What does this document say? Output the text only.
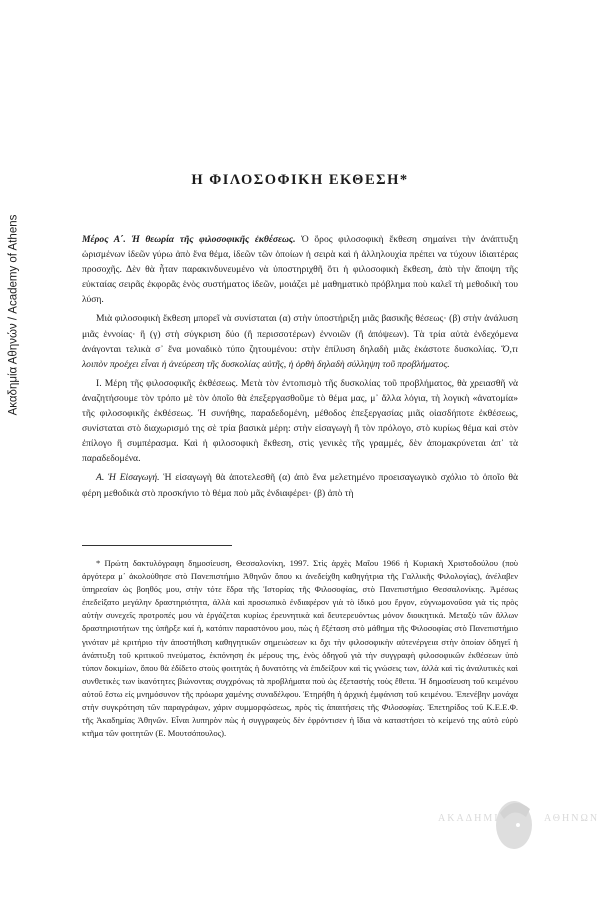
Ακαδημία Αθηνών / Academy of Athens
Η ΦΙΛΟΣΟΦΙΚΗ ΕΚΘΕΣΗ*

Μέρος Α΄. Ἡ θεωρία τῆς φιλοσοφικῆς ἐκθέσεως. Ὁ ὅρος φιλοσοφικὴ ἔκθεση σημαίνει τὴν ἀνάπτυξη ὡρισμένων ἰδεῶν γύρω ἀπὸ ἕνα θέμα, ἰδεῶν τῶν ὁποίων ἡ σειρὰ καὶ ἡ ἀλληλουχία πρέπει να τύχουν ἰδιαιτέρας προσοχῆς. Δὲν θὰ ἦταν παρακινδυνευμένο νὰ ὑποστηριχθῆ ὅτι ἡ φιλοσοφικὴ ἔκθεση, ἀπὸ τὴν ἄποψη τῆς εὐκταίας σειρᾶς ἐκφορᾶς ἑνὸς συστήματος ἰδεῶν, μοιάζει μὲ μαθηματικὸ πρόβλημα ποὺ καλεῖ τὴ μεθοδικὴ του λύση.

Μιὰ φιλοσοφικὴ ἔκθεση μπορεῖ νὰ συνίσταται (α) στὴν ὑποστήριξη μιᾶς βασικῆς θέσεως· (β) στὴν ἀνάλυση μιᾶς ἐννοίας· ἢ (γ) στὴ σύγκριση δύο (ἢ περισσοτέρων) ἐννοιῶν (ἢ ἀπόψεων). Τὰ τρία αὐτὰ ἐνδεχόμενα ἀνάγονται τελικὰ σ᾿ ἕνα μοναδικὸ τύπο ζητουμένου: στὴν ἐπίλυση δηλαδὴ μιᾶς ἑκάστοτε δυσκολίας. Ὅ,τι λοιπὸν προέχει εἶναι ἡ ἀνεύρεση τῆς δυσκολίας αὐτῆς, ἡ ὀρθὴ δηλαδὴ σύλληψη τοῦ προβλήματος.

I. Μέρη τῆς φιλοσοφικῆς ἐκθέσεως. Μετὰ τὸν ἐντοπισμὸ τῆς δυσκολίας τοῦ προβλήματος, θὰ χρειασθῆ νὰ ἀναζητήσουμε τὸν τρόπο μὲ τὸν ὁποῖο θὰ ἐπεξεργασθοῦμε τὸ θέμα μας, μ᾿ ἄλλα λόγια, τὴ λογικὴ «ἀνατομία» τῆς φιλοσοφικῆς ἐκθέσεως. Ἡ συνήθης, παραδεδομένη, μέθοδος ἐπεξεργασίας μιᾶς οἱασδήποτε ἐκθέσεως, συνίσταται στὸ διαχωρισμό της σὲ τρία βασικὰ μέρη: στὴν εἰσαγωγὴ ἢ τὸν πρόλογο, στὸ κυρίως θέμα καὶ στὸν ἐπίλογο ἢ συμπέρασμα. Καὶ ἡ φιλοσοφικὴ ἔκθεση, στὶς γενικὲς τῆς γραμμές, δὲν ἀπομακρύνεται ἀπ᾿ τὰ παραδεδομένα.

Α. Ἡ Εἰσαγωγή. Ἡ εἰσαγωγὴ θὰ ἀποτελεσθῆ (α) ἀπὸ ἕνα μελετημένο προεισαγωγικὸ σχόλιο τὸ ὁποῖο θὰ φέρη μεθοδικὰ στὸ προσκήνιο τὸ θέμα ποὺ μᾶς ἐνδιαφέρει· (β) ἀπὸ τὴ

* Πρώτη δακτυλόγραφη δημοσίευση, Θεσσαλονίκη, 1997. Στὶς ἀρχὲς Μαΐου 1966 ἡ Κυριακὴ Χριστοδούλου (ποὺ ἀργότερα μ᾿ ἀκολούθησε στὸ Πανεπιστήμιο Ἀθηνῶν ὅπου κι ἀνεδείχθη καθηγήτρια τῆς Γαλλικῆς Φιλολογίας), ἀνέλαβεν ὑπηρεσίαν ὡς βοηθός μου, στὴν τότε ἕδρα τῆς Ἱστορίας τῆς Φιλοσοφίας, στὸ Πανεπιστήμιο Θεσσαλονίκης. Ἀμέσως ἐπεδείξατο μεγάλην δραστηριότητα, ἀλλὰ καὶ προσωπικὸ ἐνδιαφέρον γιὰ τὸ ἰδικό μου ἔργον, εὐγνωμονοῦσα γιὰ τὶς πρὸς αὐτὴν συνεχεῖς προτροπές μου νὰ ἐργάζεται κυρίως ἐρευνητικὰ καὶ δευτερευόντως μόνον διοικητικά. Μεταξὺ τῶν ἄλλων δραστηριοτήτων της ὑπῆρξε καί ἡ, κατόπιν παραστόνου μου, πὼς ἡ ἔξέταση στὸ μάθημα τῆς Φιλοσοφίας στὸ Πανεπιστήμιο γινόταν μὲ κριτήριο τὴν ἀποστήθιση καθηγητικῶν σημειώσεων κι ὄχι τὴν φιλοσοφικὴν αὐτενέργεια στὴν ὁποίαν ὁδηγεῖ ἡ ἀνάπτυξη τοῦ κριτικοῦ πνεύματος, ἐκπόνηση ἐκ μέρους της, ἑνὸς ὁδηγοῦ γιὰ τὴν συγγραφὴ φιλοσοφικῶν ἐκθέσεων ὑπὸ τύπον δοκιμίων, ὅπου θὰ ἐδίδετο στοὺς φοιτητὰς ἡ δυνατότης νὰ ἐπιδείξουν καὶ τὶς γνώσεις των, ἀλλὰ καὶ τὶς ἀναλυτικὲς καὶ συνθετικὲς των ἱκανότητες βιώνοντας συγχρόνως τὰ προβλήματα ποὺ ὡς ἐξεταστὴς τοὺς ἔθετα. Ἡ δημοσίευση τοῦ κειμένου αὐτοῦ ἔστω εἰς μνημόσυνον τῆς πρόωρα χαμένης συναδέλφου. Ἐτηρήθη ἡ ἀρχικὴ ἐμφάνιση τοῦ κειμένου. Ἐπενέβην μονάχα στὴν συγκρότηση τῶν παραγράφων, χάριν συμμορφώσεως, πρὸς τὶς ἀπαιτήσεις τῆς Φιλοσοφίας. Ἐπετηρίδος τοῦ Κ.Ε.Ε.Φ. τῆς Ἀκαδημίας Ἀθηνῶν. Εἶναι λυπηρὸν πὼς ἡ συγγραφεὺς δὲν ἐφρόντισεν ἡ ἴδια νὰ καταστήσει τὸ κείμενό της αὐτὸ εὐρὺ κτῆμα τῶν φοιτητῶν (Ε. Μουτσόπουλος).

ΑΚΑΔΗΜΙΑ	ΑΘΗΝΩΝ
